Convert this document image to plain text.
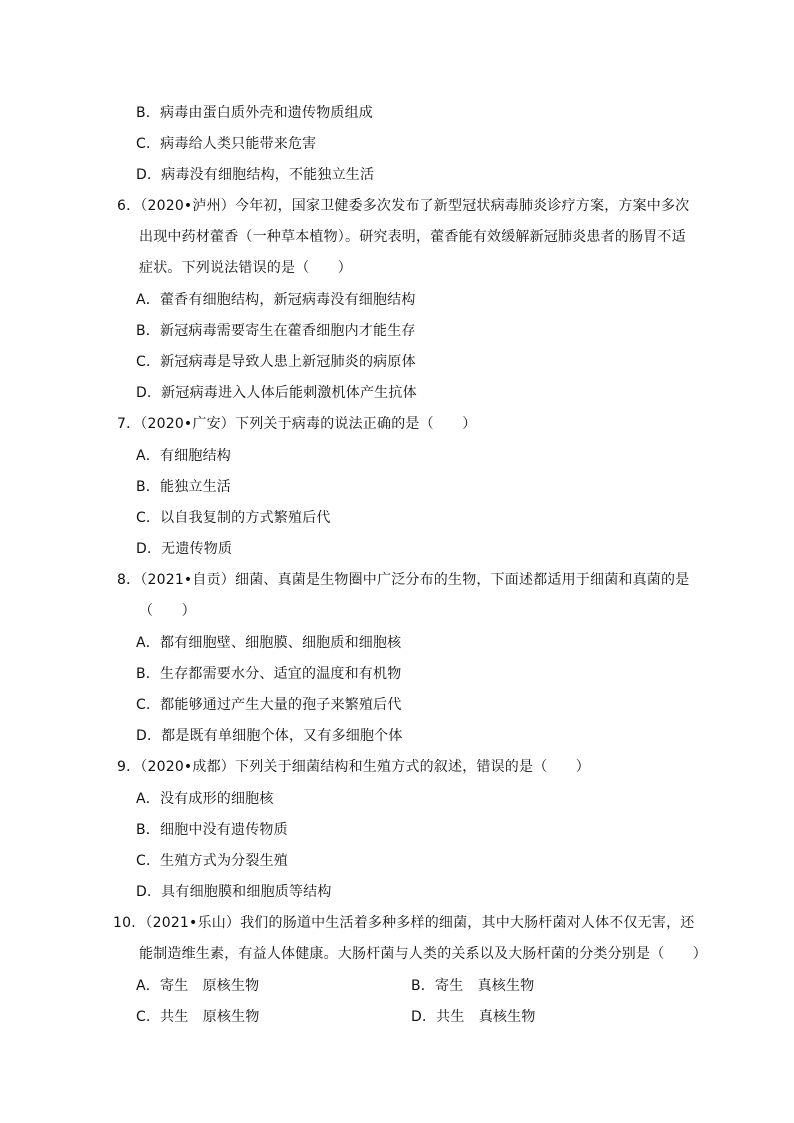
B．病毒由蛋白质外壳和遗传物质组成
C．病毒给人类只能带来危害
D．病毒没有细胞结构，不能独立生活
6．（2020•泸州）今年初，国家卫健委多次发布了新型冠状病毒肺炎诊疗方案，方案中多次
出现中药材藿香（一种草本植物）。研究表明，藿香能有效缓解新冠肺炎患者的肠胃不适
症状。下列说法错误的是（　　）
A．藿香有细胞结构，新冠病毒没有细胞结构
B．新冠病毒需要寄生在藿香细胞内才能生存
C．新冠病毒是导致人患上新冠肺炎的病原体
D．新冠病毒进入人体后能刺激机体产生抗体
7．（2020•广安）下列关于病毒的说法正确的是（　　）
A．有细胞结构
B．能独立生活
C．以自我复制的方式繁殖后代
D．无遗传物质
8．（2021•自贡）细菌、真菌是生物圈中广泛分布的生物，下面述都适用于细菌和真菌的是
（　　）
A．都有细胞壁、细胞膜、细胞质和细胞核
B．生存都需要水分、适宜的温度和有机物
C．都能够通过产生大量的孢子来繁殖后代
D．都是既有单细胞个体，又有多细胞个体
9．（2020•成都）下列关于细菌结构和生殖方式的叙述，错误的是（　　）
A．没有成形的细胞核
B．细胞中没有遗传物质
C．生殖方式为分裂生殖
D．具有细胞膜和细胞质等结构
10．（2021•乐山）我们的肠道中生活着多种多样的细菌，其中大肠杆菌对人体不仅无害，还
能制造维生素，有益人体健康。大肠杆菌与人类的关系以及大肠杆菌的分类分别是（　　）
A．寄生　原核生物	B．寄生　真核生物
C．共生　原核生物	D．共生　真核生物
